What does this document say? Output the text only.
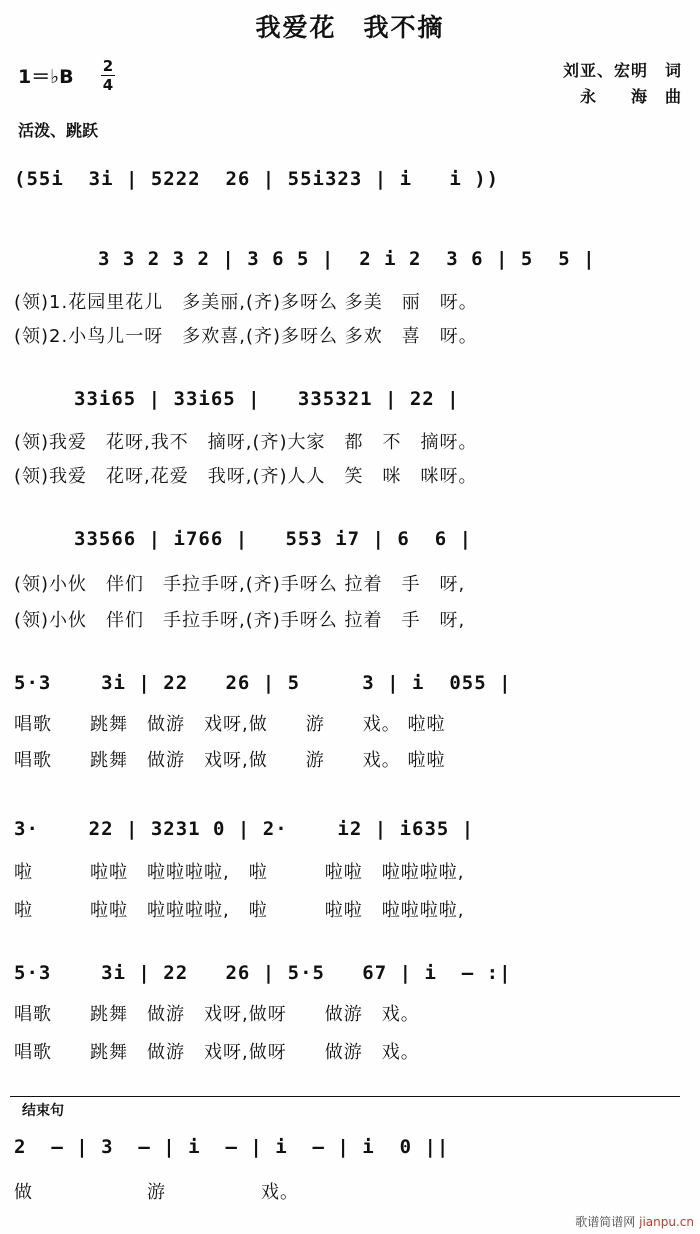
我爱花　我不摘
刘亚、宏明　词
永　　海　曲
1＝♭B 2
4
活泼、跳跃
(55i  3i | 5222  26 | 55i323 | i   i ))
3 3 2 3 2 | 3 6 5 |  2 i 2  3 6 | 5  5 |
(领)1.花园里花儿　多美丽,(齐)多呀么 多美　丽　呀。
(领)2.小鸟儿一呀　多欢喜,(齐)多呀么 多欢　喜　呀。
33i65 | 33i65 |   335321 | 22 |
(领)我爱　花呀,我不　摘呀,(齐)大家　都　不　摘呀。
(领)我爱　花呀,花爱　我呀,(齐)人人　笑　咪　咪呀。
33566 | i766 |   553 i7 | 6  6 |
(领)小伙　伴们　手拉手呀,(齐)手呀么 拉着　手　呀,
(领)小伙　伴们　手拉手呀,(齐)手呀么 拉着　手　呀,
5·3    3i | 22   26 | 5     3 | i  055 |
唱歌　　跳舞　做游　戏呀,做　　游　　戏。 啦啦
唱歌　　跳舞　做游　戏呀,做　　游　　戏。 啦啦
3·    22 | 3231 0 | 2·    i2 | i635 |
啦　　　啦啦　啦啦啦啦,　啦　　　啦啦　啦啦啦啦,
啦　　　啦啦　啦啦啦啦,　啦　　　啦啦　啦啦啦啦,
5·3    3i | 22   26 | 5·5   67 | i  — :|
唱歌　　跳舞　做游　戏呀,做呀　　做游　戏。
唱歌　　跳舞　做游　戏呀,做呀　　做游　戏。
结束句
2  — | 3  — | i  — | i  — | i  0 ||
做　　　　　　游　　　　　戏。
歌谱简谱网 jianpu.cn
